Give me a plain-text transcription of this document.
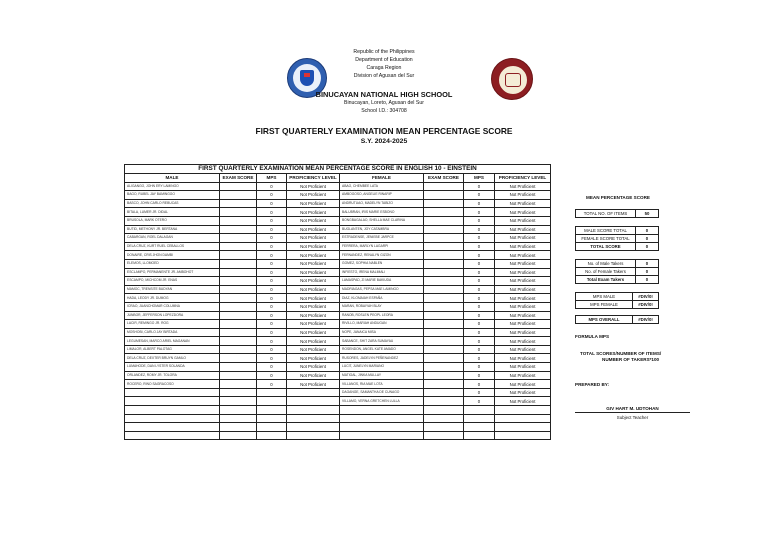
Republic of the Philippines
Department of Education
Caraga Region
Division of Agusan del Sur
BINUCAYAN NATIONAL HIGH SCHOOL
Binucayan, Loreto, Agusan del Sur
School I.D.: 304708
FIRST QUARTERLY EXAMINATION MEAN PERCENTAGE SCORE
S.Y. 2024-2025
FIRST QUARTERLY EXAMINATION MEAN PERCENTAGE SCORE IN ENGLISH 10 - EINSTEIN							
MALE	EXAM SCORE	MPS	PROFICIENCY LEVEL	FEMALE	EXAM SCORE	MPS	PROFICIENCY LEVEL
ALIGANGO, JOHN ERY LAMINGO		0	Not Proficient	ABAO, CHEMBEE LATA		0	Not Proficient
BAGO, RUBEL JAY BAMINGGO		0	Not Proficient	AMBOGOSO, ANGELIE RINARIP		0	Not Proficient
BASCO, JOHN CARLO REBUCAS		0	Not Proficient	ANDRUTUAO, MADELYN TABIZO		0	Not Proficient
BITALA, LUMER JR. DIDAL		0	Not Proficient	BALUBRAN, IRIS MARIE ESBONO		0	Not Proficient
BRUSOLA, MARK OTERO		0	Not Proficient	BONGBAGALAO, SHELLA MAE CLARINA		0	Not Proficient
BUTID, METHONY JR. BERTANA		0	Not Proficient	BUGLANTEN, JOY CATAMBRA		0	Not Proficient
CABARGAN, ROEL DALAGAN		0	Not Proficient	ESTRADENSE, JENIEBE JARPCE		0	Not Proficient
DELA CRUZ, KURT RUEL CEBALLOS		0	Not Proficient	FERRERA, MARLYN LAGARPI		0	Not Proficient
DONAIRE, CRIS JHON DAMBI		0	Not Proficient	FERNANDEZ, RENALYN GIZON		0	Not Proficient
ELEMOS, LLOMOED		0	Not Proficient	GOMEZ, SOPHIA NABLEN		0	Not Proficient
ESCLAMPO, PERMANENTE JR. AMBOHOT		0	Not Proficient	INFIESTO, IRENA MALIMALI		0	Not Proficient
ESCAMPO, MICHCOM JR. ENAS		0	Not Proficient	LAMASPAD, ZI MARIE BAKIUDA		0	Not Proficient
MAMOC, TRENSITE BUDYAN		0	Not Proficient	MADRIAGAS, PEPSA MAE LAMINGO		0	Not Proficient
HADA, LEODY JR. DUMOG		0	Not Proficient	DIAZ, KLOMAIAH ESPAÑA		0	Not Proficient
ICRAO, JUANCHOMAR COLUMNA		0	Not Proficient	MARAN, ROBAIYAH BLAY		0	Not Proficient
JUNBOR, JEFFERSON LOPEZDORA		0	Not Proficient	RANOB, ROSLEN PEOPL LEORA		0	Not Proficient
LACIR, REMINGO JR. ROG		0	Not Proficient	RIVILLO, MARIAH ANDUGAN		0	Not Proficient
MOSHOBI, CARLO JAY BIRTADA		0	Not Proficient	NOPE, JANAICA MISA		0	Not Proficient
LEGUMESAN, MARCO ARIEL MAGANAN		0	Not Proficient	SABANCE, SHIT ZARA SUMAYAU		0	Not Proficient
LIMALOR, ALBERT PALOTAG		0	Not Proficient	ROSENDON, ANGEL KATE AMADO		0	Not Proficient
DELA CRUZ, DEXTER BRUYN GAMLO		0	Not Proficient	RUSORES, JADELYN PEÑENANDEZ		0	Not Proficient
LUMAHODE, DAN LYSTER SOLANDA		0	Not Proficient	LUCIT, JUNELYN MARIANO		0	Not Proficient
ORLANDEZ, ROMY JR. TOLORA		0	Not Proficient	MATIGAL, JINKA MULLAY		0	Not Proficient
ROCERO, RINO SAGRACOSO		0	Not Proficient	VILLANOS, RIA MAE LOTA		0	Not Proficient
				DAGANGE, SAMANTHA DE CUNAGO		0	Not Proficient
				VILLAMO, VERNA GRETCHEN LULLA		0	Not Proficient

MEAN PERCENTAGE SCORE
TOTAL NO. OF ITEMS	50
MALE SCORE TOTAL	0
FEMALE SCORE TOTAL	0
TOTAL SCORE	0
No. of Male Takers	0
No. of Female Takers	0
Total Exam Takers	0
MPS MALE	#DIV/0!
MPS FEMALE	#DIV/0!
MPS OVERALL	#DIV/0!
FORMULA MPS
TOTAL SCORES/NUMBER OF ITEMS/
NUMBER OF TAKERS*100
PREPARED BY:
GIV HART M. UDTOHAN
Subject Teacher
